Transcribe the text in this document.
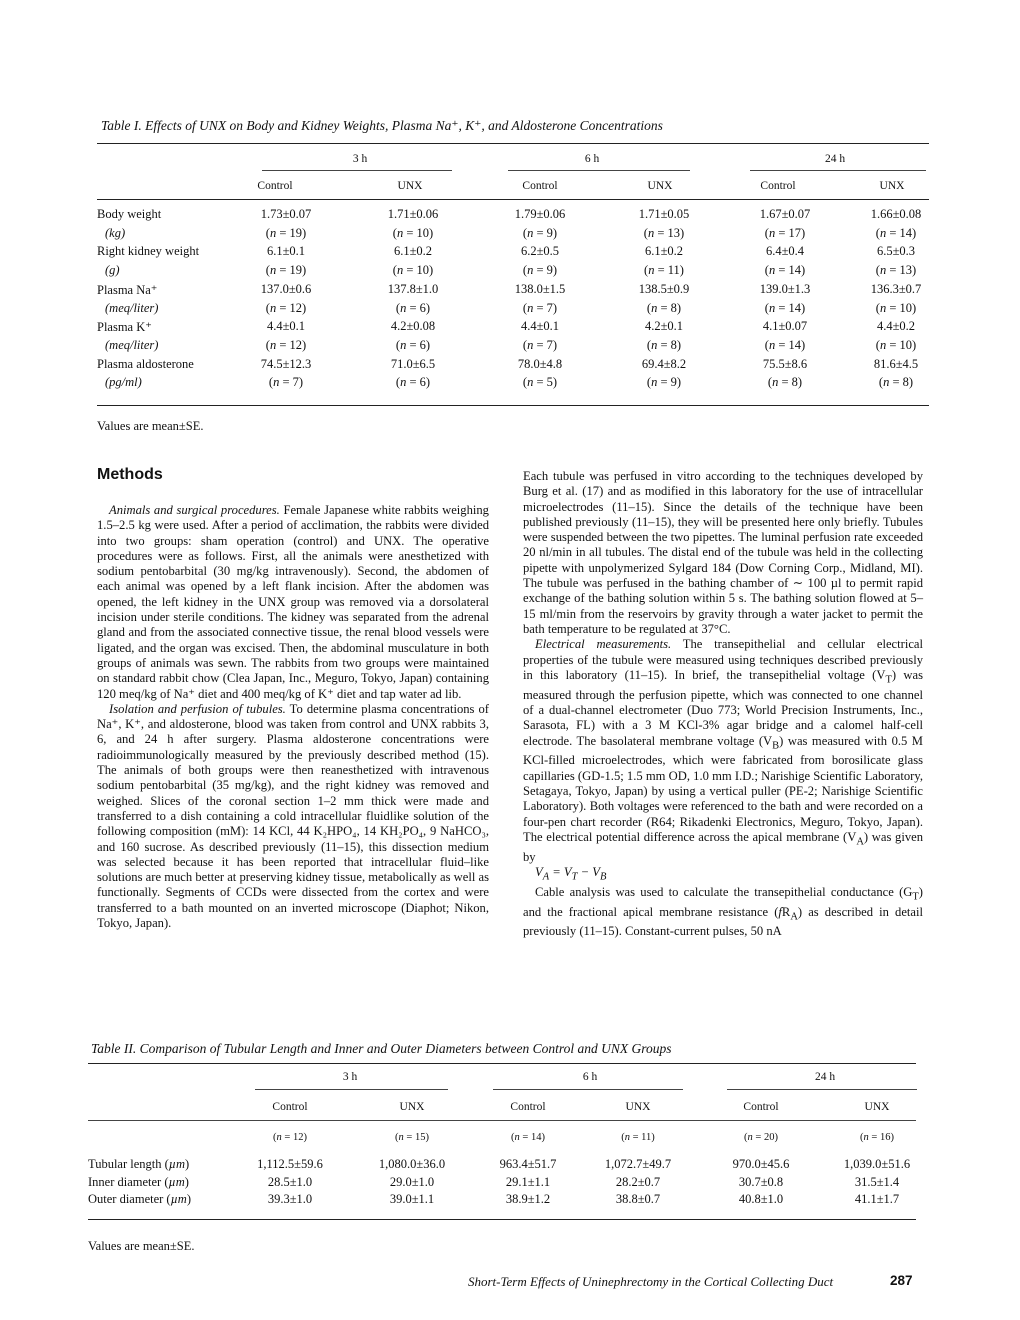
Table I. Effects of UNX on Body and Kidney Weights, Plasma Na⁺, K⁺, and Aldosterone Concentrations
3 h	6 h	24 h
Control	UNX	Control	UNX	Control	UNX
Body weight	1.73±0.07	1.71±0.06	1.79±0.06	1.71±0.05	1.67±0.07	1.66±0.08
(kg)	(n = 19)	(n = 10)	(n = 9)	(n = 13)	(n = 17)	(n = 14)
Right kidney weight	6.1±0.1	6.1±0.2	6.2±0.5	6.1±0.2	6.4±0.4	6.5±0.3
(g)	(n = 19)	(n = 10)	(n = 9)	(n = 11)	(n = 14)	(n = 13)
Plasma Na⁺	137.0±0.6	137.8±1.0	138.0±1.5	138.5±0.9	139.0±1.3	136.3±0.7
(meq/liter)	(n = 12)	(n = 6)	(n = 7)	(n = 8)	(n = 14)	(n = 10)
Plasma K⁺	4.4±0.1	4.2±0.08	4.4±0.1	4.2±0.1	4.1±0.07	4.4±0.2
(meq/liter)	(n = 12)	(n = 6)	(n = 7)	(n = 8)	(n = 14)	(n = 10)
Plasma aldosterone	74.5±12.3	71.0±6.5	78.0±4.8	69.4±8.2	75.5±8.6	81.6±4.5
(pg/ml)	(n = 7)	(n = 6)	(n = 5)	(n = 9)	(n = 8)	(n = 8)
Values are mean±SE.
Methods

Animals and surgical procedures. Female Japanese white rabbits weighing 1.5–2.5 kg were used. After a period of acclimation, the rabbits were divided into two groups: sham operation (control) and UNX. The operative procedures were as follows. First, all the animals were anesthetized with sodium pentobarbital (30 mg/kg intravenously). Second, the abdomen of each animal was opened by a left flank incision. After the abdomen was opened, the left kidney in the UNX group was removed via a dorsolateral incision under sterile conditions. The kidney was separated from the adrenal gland and from the associated connective tissue, the renal blood vessels were ligated, and the organ was excised. Then, the abdominal musculature in both groups of animals was sewn. The rabbits from two groups were maintained on standard rabbit chow (Clea Japan, Inc., Meguro, Tokyo, Japan) containing 120 meq/kg of Na⁺ diet and 400 meq/kg of K⁺ diet and tap water ad lib.

Isolation and perfusion of tubules. To determine plasma concentrations of Na⁺, K⁺, and aldosterone, blood was taken from control and UNX rabbits 3, 6, and 24 h after surgery. Plasma aldosterone concentrations were radioimmunologically measured by the previously described method (15). The animals of both groups were then reanesthetized with intravenous sodium pentobarbital (35 mg/kg), and the right kidney was removed and weighed. Slices of the coronal section 1–2 mm thick were made and transferred to a dish containing a cold intracellular fluidlike solution of the following composition (mM): 14 KCl, 44 K₂HPO₄, 14 KH₂PO₄, 9 NaHCO₃, and 160 sucrose. As described previously (11–15), this dissection medium was selected because it has been reported that intracellular fluid–like solutions are much better at preserving kidney tissue, metabolically as well as functionally. Segments of CCDs were dissected from the cortex and were transferred to a bath mounted on an inverted microscope (Diaphot; Nikon, Tokyo, Japan).

Each tubule was perfused in vitro according to the techniques developed by Burg et al. (17) and as modified in this laboratory for the use of intracellular microelectrodes (11–15). Since the details of the technique have been published previously (11–15), they will be presented here only briefly. Tubules were suspended between the two pipettes. The luminal perfusion rate exceeded 20 nl/min in all tubules. The distal end of the tubule was held in the collecting pipette with unpolymerized Sylgard 184 (Dow Corning Corp., Midland, MI). The tubule was perfused in the bathing chamber of ∼ 100 µl to permit rapid exchange of the bathing solution within 5 s. The bathing solution flowed at 5–15 ml/min from the reservoirs by gravity through a water jacket to permit the bath temperature to be regulated at 37°C.

Electrical measurements. The transepithelial and cellular electrical properties of the tubule were measured using techniques described previously in this laboratory (11–15). In brief, the transepithelial voltage $(V_T)$ was measured through the perfusion pipette, which was connected to one channel of a dual-channel electrometer (Duo 773; World Precision Instruments, Inc., Sarasota, FL) with a 3 M KCl-3% agar bridge and a calomel half-cell electrode. The basolateral membrane voltage $(V_B)$ was measured with 0.5 M KCl-filled microelectrodes, which were fabricated from borosilicate glass capillaries (GD-1.5; 1.5 mm OD, 1.0 mm I.D.; Narishige Scientific Laboratory, Setagaya, Tokyo, Japan) by using a vertical puller (PE-2; Narishige Scientific Laboratory). Both voltages were referenced to the bath and were recorded on a four-pen chart recorder (R64; Rikadenki Electronics, Meguro, Tokyo, Japan). The electrical potential difference across the apical membrane $(V_A)$ was given by

$V_A = V_T - V_B$

Cable analysis was used to calculate the transepithelial conductance $(G_T)$ and the fractional apical membrane resistance $(fR_A)$ as described in detail previously (11–15). Constant-current pulses, 50 nA

Table II. Comparison of Tubular Length and Inner and Outer Diameters between Control and UNX Groups
3 h	6 h	24 h
Control	UNX	Control	UNX	Control	UNX
(n = 12)	(n = 15)	(n = 14)	(n = 11)	(n = 20)	(n = 16)
Tubular length (µm)	1,112.5±59.6	1,080.0±36.0	963.4±51.7	1,072.7±49.7	970.0±45.6	1,039.0±51.6
Inner diameter (µm)	28.5±1.0	29.0±1.0	29.1±1.1	28.2±0.7	30.7±0.8	31.5±1.4
Outer diameter (µm)	39.3±1.0	39.0±1.1	38.9±1.2	38.8±0.7	40.8±1.0	41.1±1.7
Values are mean±SE.
Short-Term Effects of Uninephrectomy in the Cortical Collecting Duct	287
